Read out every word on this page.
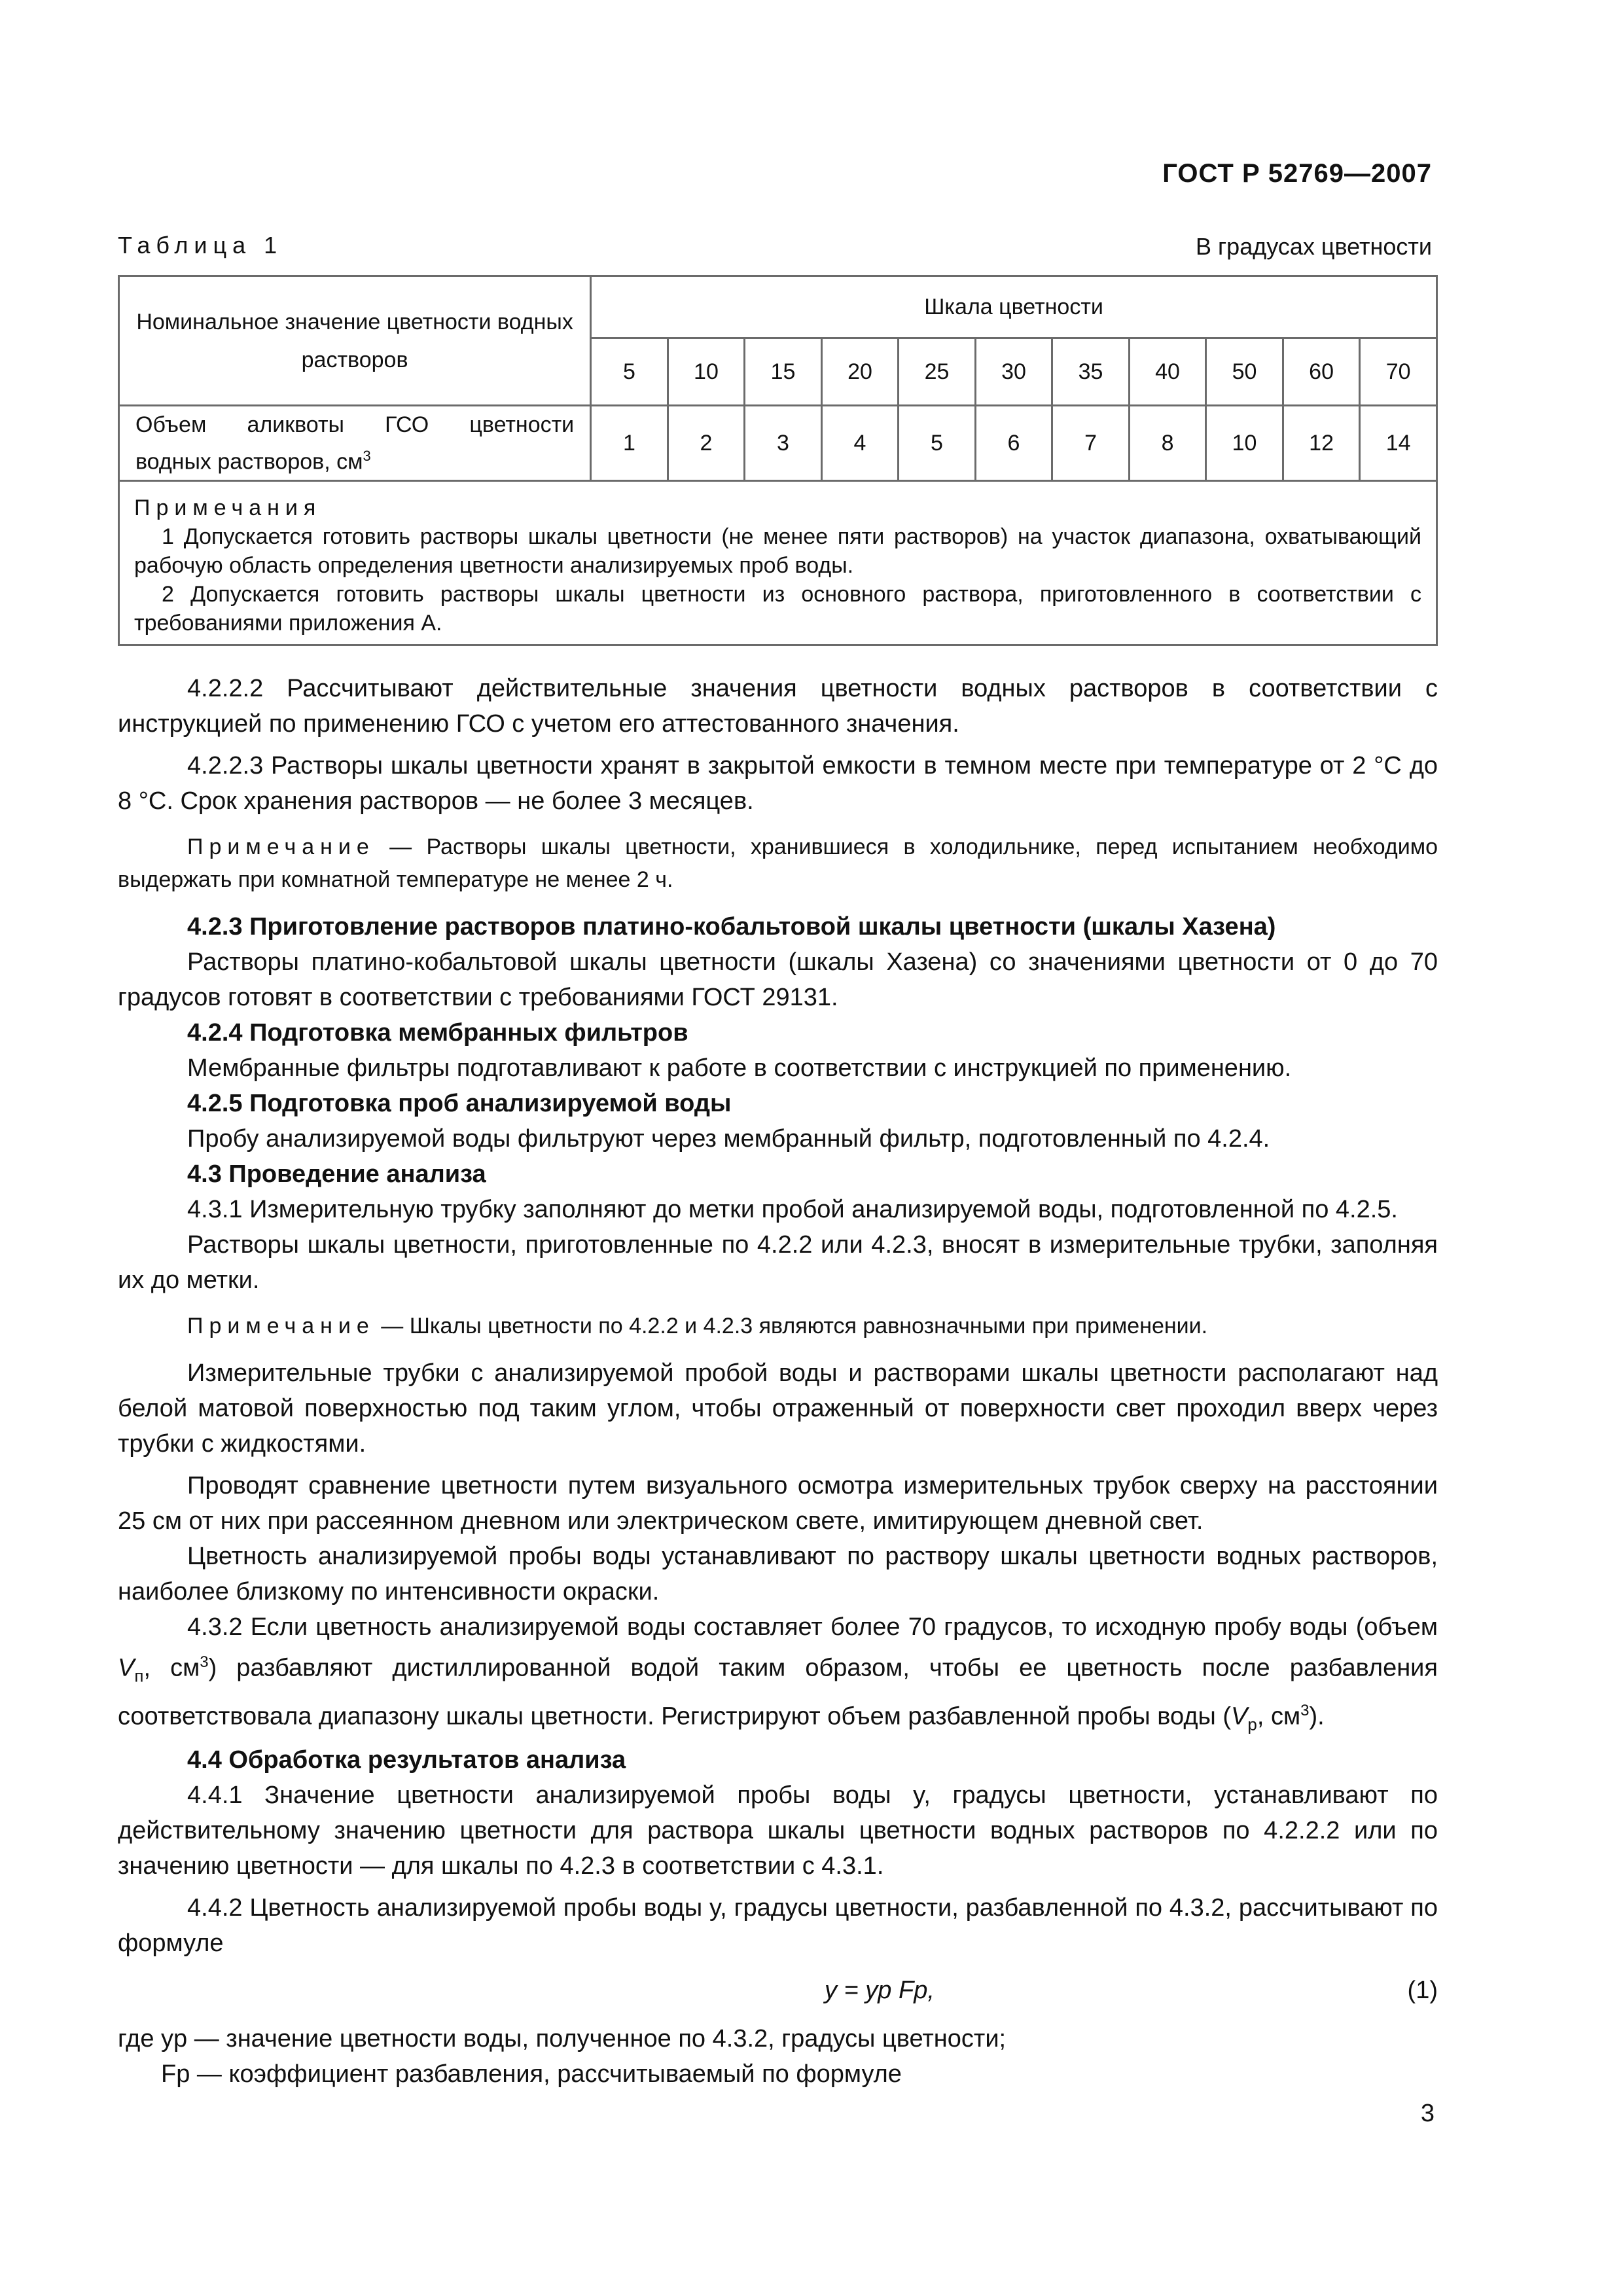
ГОСТ Р 52769—2007
Таблица 1	В градусах цветности
Номинальное значение цветности водных растворов	Шкала цветности										
	5	10	15	20	25	30	35	40	50	60	70

Объем аликвоты ГСО цветности
водных растворов, $см^3$	1	2	3	4	5	6	7	8	10	12	14

Примечания
1 Допускается готовить растворы шкалы цветности (не менее пяти растворов) на участок диапазона, охватывающий рабочую область определения цветности анализируемых проб воды.
2 Допускается готовить растворы шкалы цветности из основного раствора, приготовленного в соответствии с требованиями приложения А.											

4.2.2.2 Рассчитывают действительные значения цветности водных растворов в соответствии с инструкцией по применению ГСО с учетом его аттестованного значения.

4.2.2.3 Растворы шкалы цветности хранят в закрытой емкости в темном месте при температуре от 2 °С до 8 °С. Срок хранения растворов — не более 3 месяцев.

Примечание — Растворы шкалы цветности, хранившиеся в холодильнике, перед испытанием необходимо выдержать при комнатной температуре не менее 2 ч.

4.2.3 Приготовление растворов платино-кобальтовой шкалы цветности (шкалы Хазена)

Растворы платино-кобальтовой шкалы цветности (шкалы Хазена) со значениями цветности от 0 до 70 градусов готовят в соответствии с требованиями ГОСТ 29131.

4.2.4 Подготовка мембранных фильтров

Мембранные фильтры подготавливают к работе в соответствии с инструкцией по применению.

4.2.5 Подготовка проб анализируемой воды

Пробу анализируемой воды фильтруют через мембранный фильтр, подготовленный по 4.2.4.

4.3 Проведение анализа

4.3.1 Измерительную трубку заполняют до метки пробой анализируемой воды, подготовленной по 4.2.5.

Растворы шкалы цветности, приготовленные по 4.2.2 или 4.2.3, вносят в измерительные трубки, заполняя их до метки.

Примечание — Шкалы цветности по 4.2.2 и 4.2.3 являются равнозначными при применении.

Измерительные трубки с анализируемой пробой воды и растворами шкалы цветности располагают над белой матовой поверхностью под таким углом, чтобы отраженный от поверхности свет проходил вверх через трубки с жидкостями.

Проводят сравнение цветности путем визуального осмотра измерительных трубок сверху на расстоянии 25 см от них при рассеянном дневном или электрическом свете, имитирующем дневной свет.

Цветность анализируемой пробы воды устанавливают по раствору шкалы цветности водных растворов, наиболее близкому по интенсивности окраски.

4.3.2 Если цветность анализируемой воды составляет более 70 градусов, то исходную пробу воды (объем $V_п$, $см^3$) разбавляют дистиллированной водой таким образом, чтобы ее цветность после разбавления соответствовала диапазону шкалы цветности. Регистрируют объем разбавленной пробы воды ($V_р$, $см^3$).

4.4 Обработка результатов анализа

4.4.1 Значение цветности анализируемой пробы воды y, градусы цветности, устанавливают по действительному значению цветности для раствора шкалы цветности водных растворов по 4.2.2.2 или по значению цветности — для шкалы по 4.2.3 в соответствии с 4.3.1.

4.4.2 Цветность анализируемой пробы воды y, градусы цветности, разбавленной по 4.3.2, рассчитывают по формуле

y = yр Fр,	(1)

где yр — значение цветности воды, полученное по 4.3.2, градусы цветности;

Fр — коэффициент разбавления, рассчитываемый по формуле

3
